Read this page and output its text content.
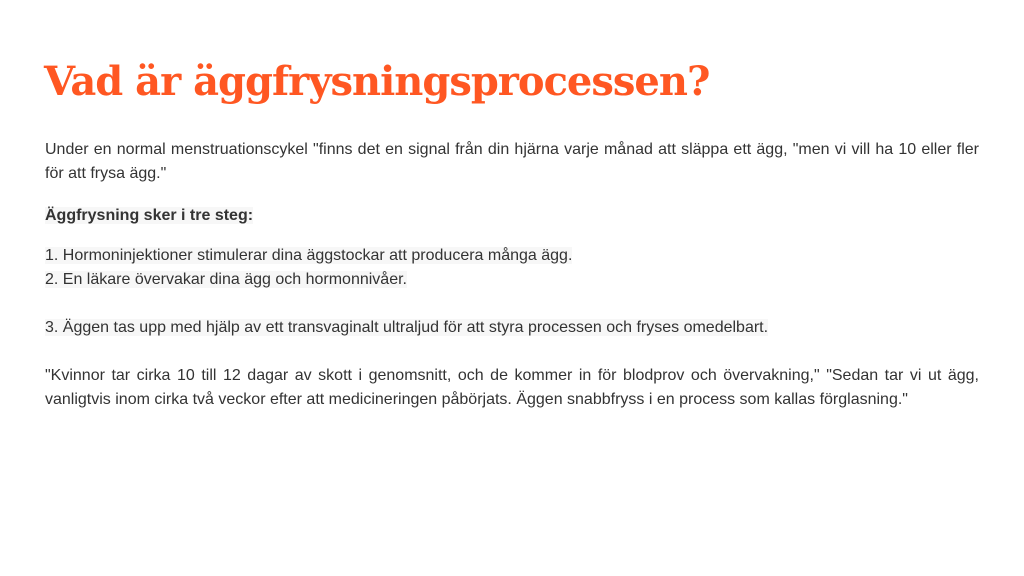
Vad är äggfrysningsprocessen?

Under en normal menstruationscykel "finns det en signal från din hjärna varje månad att släppa ett ägg, "men vi vill ha 10 eller fler för att frysa ägg."

Äggfrysning sker i tre steg:

1. Hormoninjektioner stimulerar dina äggstockar att producera många ägg.

2. En läkare övervakar dina ägg och hormonnivåer.

3. Äggen tas upp med hjälp av ett transvaginalt ultraljud för att styra processen och fryses omedelbart.

"Kvinnor tar cirka 10 till 12 dagar av skott i genomsnitt, och de kommer in för blodprov och övervakning," "Sedan tar vi ut ägg, vanligtvis inom cirka två veckor efter att medicineringen påbörjats. Äggen snabbfryss i en process som kallas förglasning."
